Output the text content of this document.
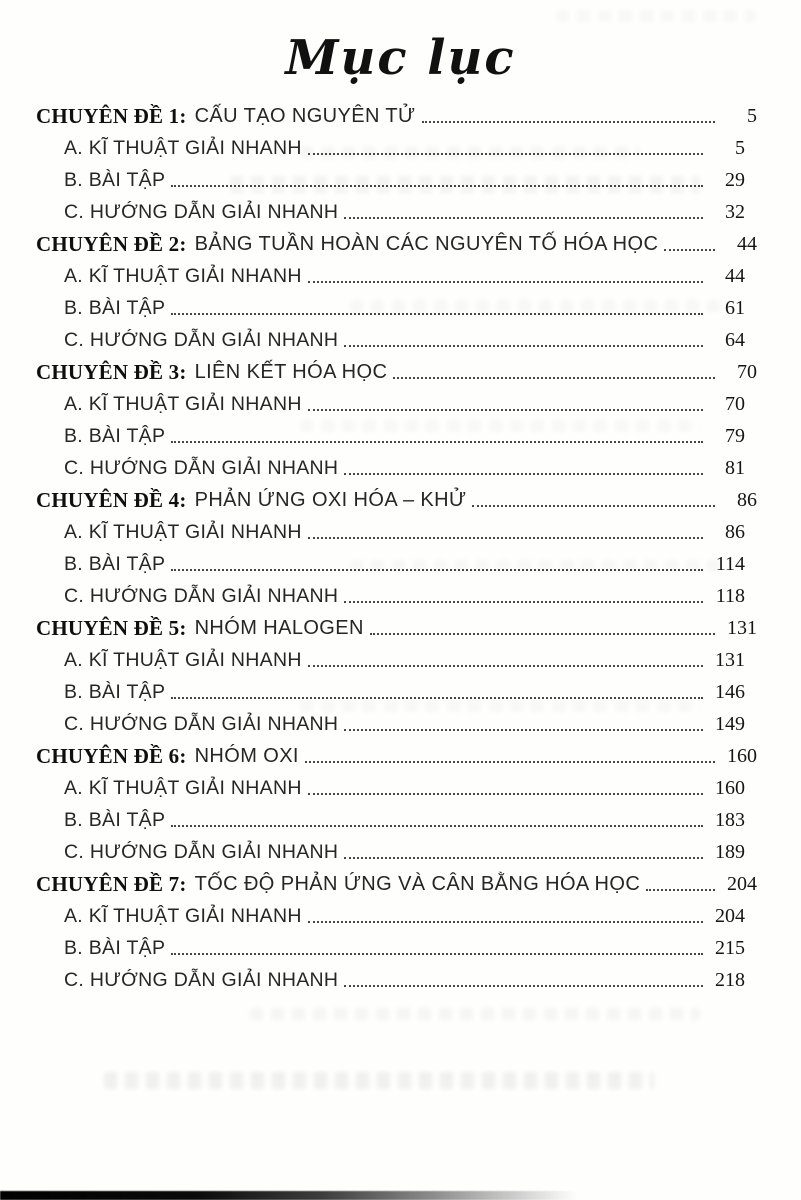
Mục lục
CHUYÊN ĐỀ 1: CẤU TẠO NGUYÊN TỬ	5
A. KĨ THUẬT GIẢI NHANH	5
B. BÀI TẬP	29
C. HƯỚNG DẪN GIẢI NHANH	32
CHUYÊN ĐỀ 2: BẢNG TUẦN HOÀN CÁC NGUYÊN TỐ HÓA HỌC	44
A. KĨ THUẬT GIẢI NHANH	44
B. BÀI TẬP	61
C. HƯỚNG DẪN GIẢI NHANH	64
CHUYÊN ĐỀ 3: LIÊN KẾT HÓA HỌC	70
A. KĨ THUẬT GIẢI NHANH	70
B. BÀI TẬP	79
C. HƯỚNG DẪN GIẢI NHANH	81
CHUYÊN ĐỀ 4: PHẢN ỨNG OXI HÓA – KHỬ	86
A. KĨ THUẬT GIẢI NHANH	86
B. BÀI TẬP	114
C. HƯỚNG DẪN GIẢI NHANH	118
CHUYÊN ĐỀ 5: NHÓM HALOGEN	131
A. KĨ THUẬT GIẢI NHANH	131
B. BÀI TẬP	146
C. HƯỚNG DẪN GIẢI NHANH	149
CHUYÊN ĐỀ 6: NHÓM OXI	160
A. KĨ THUẬT GIẢI NHANH	160
B. BÀI TẬP	183
C. HƯỚNG DẪN GIẢI NHANH	189
CHUYÊN ĐỀ 7: TỐC ĐỘ PHẢN ỨNG VÀ CÂN BẰNG HÓA HỌC	204
A. KĨ THUẬT GIẢI NHANH	204
B. BÀI TẬP	215
C. HƯỚNG DẪN GIẢI NHANH	218
